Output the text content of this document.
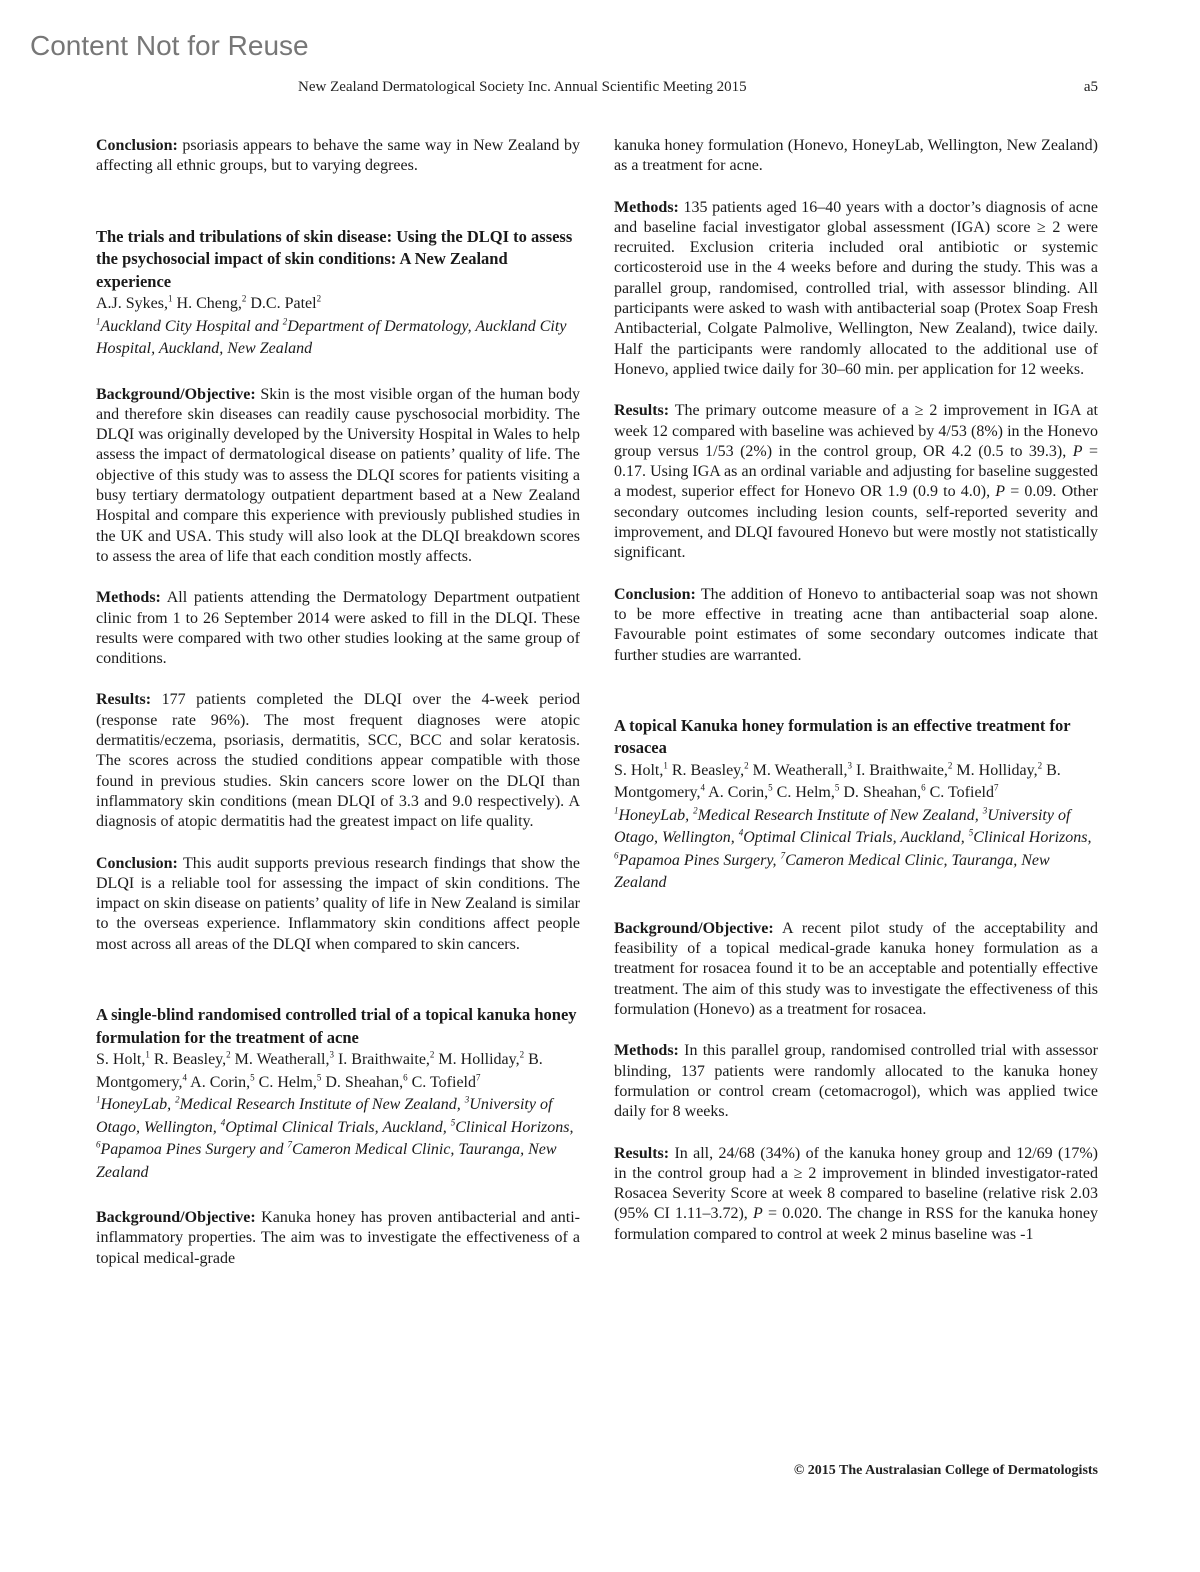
Content Not for Reuse
New Zealand Dermatological Society Inc. Annual Scientific Meeting 2015	a5

Conclusion: psoriasis appears to behave the same way in New Zealand by affecting all ethnic groups, but to varying degrees.

The trials and tribulations of skin disease: Using the DLQI to assess the psychosocial impact of skin conditions: A New Zealand experience
A.J. Sykes,$^1$ H. Cheng,$^2$ D.C. Patel$^2$
$^1$Auckland City Hospital and $^2$Department of Dermatology, Auckland City Hospital, Auckland, New Zealand

Background/Objective: Skin is the most visible organ of the human body and therefore skin diseases can readily cause pyschosocial morbidity. The DLQI was originally developed by the University Hospital in Wales to help assess the impact of dermatological disease on patients’ quality of life. The objective of this study was to assess the DLQI scores for patients visiting a busy tertiary dermatology outpatient department based at a New Zealand Hospital and compare this experience with previously published studies in the UK and USA. This study will also look at the DLQI breakdown scores to assess the area of life that each condition mostly affects.

Methods: All patients attending the Dermatology Department outpatient clinic from 1 to 26 September 2014 were asked to fill in the DLQI. These results were compared with two other studies looking at the same group of conditions.

Results: 177 patients completed the DLQI over the 4-week period (response rate 96%). The most frequent diagnoses were atopic dermatitis/eczema, psoriasis, dermatitis, SCC, BCC and solar keratosis. The scores across the studied conditions appear compatible with those found in previous studies. Skin cancers score lower on the DLQI than inflammatory skin conditions (mean DLQI of 3.3 and 9.0 respectively). A diagnosis of atopic dermatitis had the greatest impact on life quality.

Conclusion: This audit supports previous research findings that show the DLQI is a reliable tool for assessing the impact of skin conditions. The impact on skin disease on patients’ quality of life in New Zealand is similar to the overseas experience. Inflammatory skin conditions affect people most across all areas of the DLQI when compared to skin cancers.

A single-blind randomised controlled trial of a topical kanuka honey formulation for the treatment of acne
S. Holt,$^1$ R. Beasley,$^2$ M. Weatherall,$^3$ I. Braithwaite,$^2$ M. Holliday,$^2$ B. Montgomery,$^4$ A. Corin,$^5$ C. Helm,$^5$ D. Sheahan,$^6$ C. Tofield$^7$
$^1$HoneyLab, $^2$Medical Research Institute of New Zealand, $^3$University of Otago, Wellington, $^4$Optimal Clinical Trials, Auckland, $^5$Clinical Horizons, $^6$Papamoa Pines Surgery and $^7$Cameron Medical Clinic, Tauranga, New Zealand

Background/Objective: Kanuka honey has proven antibacterial and anti-inflammatory properties. The aim was to investigate the effectiveness of a topical medical-grade

kanuka honey formulation (Honevo, HoneyLab, Wellington, New Zealand) as a treatment for acne.

Methods: 135 patients aged 16–40 years with a doctor’s diagnosis of acne and baseline facial investigator global assessment (IGA) score ≥ 2 were recruited. Exclusion criteria included oral antibiotic or systemic corticosteroid use in the 4 weeks before and during the study. This was a parallel group, randomised, controlled trial, with assessor blinding. All participants were asked to wash with antibacterial soap (Protex Soap Fresh Antibacterial, Colgate Palmolive, Wellington, New Zealand), twice daily. Half the participants were randomly allocated to the additional use of Honevo, applied twice daily for 30–60 min. per application for 12 weeks.

Results: The primary outcome measure of a ≥ 2 improvement in IGA at week 12 compared with baseline was achieved by 4/53 (8%) in the Honevo group versus 1/53 (2%) in the control group, OR 4.2 (0.5 to 39.3), P = 0.17. Using IGA as an ordinal variable and adjusting for baseline suggested a modest, superior effect for Honevo OR 1.9 (0.9 to 4.0), P = 0.09. Other secondary outcomes including lesion counts, self-reported severity and improvement, and DLQI favoured Honevo but were mostly not statistically significant.

Conclusion: The addition of Honevo to antibacterial soap was not shown to be more effective in treating acne than antibacterial soap alone. Favourable point estimates of some secondary outcomes indicate that further studies are warranted.

A topical Kanuka honey formulation is an effective treatment for rosacea
S. Holt,$^1$ R. Beasley,$^2$ M. Weatherall,$^3$ I. Braithwaite,$^2$ M. Holliday,$^2$ B. Montgomery,$^4$ A. Corin,$^5$ C. Helm,$^5$ D. Sheahan,$^6$ C. Tofield$^7$
$^1$HoneyLab, $^2$Medical Research Institute of New Zealand, $^3$University of Otago, Wellington, $^4$Optimal Clinical Trials, Auckland, $^5$Clinical Horizons, $^6$Papamoa Pines Surgery, $^7$Cameron Medical Clinic, Tauranga, New Zealand

Background/Objective: A recent pilot study of the acceptability and feasibility of a topical medical-grade kanuka honey formulation as a treatment for rosacea found it to be an acceptable and potentially effective treatment. The aim of this study was to investigate the effectiveness of this formulation (Honevo) as a treatment for rosacea.

Methods: In this parallel group, randomised controlled trial with assessor blinding, 137 patients were randomly allocated to the kanuka honey formulation or control cream (cetomacrogol), which was applied twice daily for 8 weeks.

Results: In all, 24/68 (34%) of the kanuka honey group and 12/69 (17%) in the control group had a ≥ 2 improvement in blinded investigator-rated Rosacea Severity Score at week 8 compared to baseline (relative risk 2.03 (95% CI 1.11–3.72), P = 0.020. The change in RSS for the kanuka honey formulation compared to control at week 2 minus baseline was -1

© 2015 The Australasian College of Dermatologists
